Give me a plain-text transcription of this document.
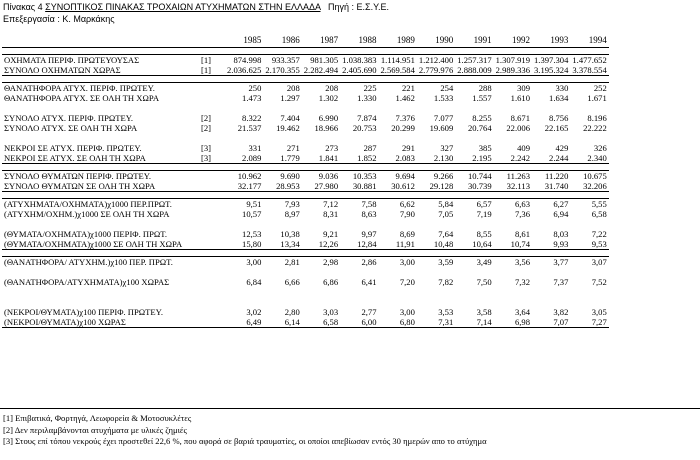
Πίνακας 4 ΣΥΝΟΠΤΙΚΟΣ ΠΙΝΑΚΑΣ ΤΡΟΧΑΙΩΝ ΑΤΥΧΗΜΑΤΩΝ ΣΤΗΝ ΕΛΛΑΔΑ Πηγή : Ε.Σ.Υ.Ε.
Επεξεργασία : Κ. Μαρκάκης
		1985	1986	1987	1988	1989	1990	1991	1992	1993	1994

ΟΧΗΜΑΤΑ ΠΕΡΙΦ. ΠΡΩΤΕΥΟΥΣΑΣ	[1]	874.998	933.357	981.305	1.038.383	1.114.951	1.212.400	1.257.317	1.307.919	1.397.304	1.477.652
ΣΥΝΟΛΟ ΟΧΗΜΑΤΩΝ ΧΩΡΑΣ	[1]	2.036.625	2.170.355	2.282.494	2.405.690	2.569.584	2.779.976	2.888.009	2.989.336	3.195.324	3.378.554

ΘΑΝΑΤΗΦΟΡΑ ΑΤΥΧ. ΠΕΡΙΦ. ΠΡΩΤΕΥ.		250	208	208	225	221	254	288	309	330	252
ΘΑΝΑΤΗΦΟΡΑ ΑΤΥΧ. ΣΕ ΟΛΗ ΤΗ ΧΩΡΑ		1.473	1.297	1.302	1.330	1.462	1.533	1.557	1.610	1.634	1.671

ΣΥΝΟΛΟ ΑΤΥΧ. ΠΕΡΙΦ. ΠΡΩΤΕΥ.	[2]	8.322	7.404	6.990	7.874	7.376	7.077	8.255	8.671	8.756	8.196
ΣΥΝΟΛΟ ΑΤΥΧ. ΣΕ ΟΛΗ ΤΗ ΧΩΡΑ	[2]	21.537	19.462	18.966	20.753	20.299	19.609	20.764	22.006	22.165	22.222

ΝΕΚΡΟΙ ΣΕ ΑΤΥΧ. ΠΕΡΙΦ. ΠΡΩΤΕΥ.	[3]	331	271	273	287	291	327	385	409	429	326
ΝΕΚΡΟΙ ΣΕ ΑΤΥΧ. ΣΕ ΟΛΗ ΤΗ ΧΩΡΑ	[3]	2.089	1.779	1.841	1.852	2.083	2.130	2.195	2.242	2.244	2.340

ΣΥΝΟΛΟ ΘΥΜΑΤΩΝ ΠΕΡΙΦ. ΠΡΩΤΕΥ.		10.962	9.690	9.036	10.353	9.694	9.266	10.744	11.263	11.220	10.675
ΣΥΝΟΛΟ ΘΥΜΑΤΩΝ ΣΕ ΟΛΗ ΤΗ ΧΩΡΑ		32.177	28.953	27.980	30.881	30.612	29.128	30.739	32.113	31.740	32.206

(ΑΤΥΧΗΜΑΤΑ/ΟΧΗΜΑΤΑ)χ1000 ΠΕΡ.ΠΡΩΤ.		9,51	7,93	7,12	7,58	6,62	5,84	6,57	6,63	6,27	5,55
(ΑΤΥΧΗΜ/ΟΧΗΜ.)χ1000 ΣΕ ΟΛΗ ΤΗ ΧΩΡΑ		10,57	8,97	8,31	8,63	7,90	7,05	7,19	7,36	6,94	6,58

(ΘΥΜΑΤΑ/ΟΧΗΜΑΤΑ)χ1000 ΠΕΡΙΦ. ΠΡΩΤ.		12,53	10,38	9,21	9,97	8,69	7,64	8,55	8,61	8,03	7,22
(ΘΥΜΑΤΑ/ΟΧΗΜΑΤΑ)χ1000 ΣΕ ΟΛΗ ΤΗ ΧΩΡΑ		15,80	13,34	12,26	12,84	11,91	10,48	10,64	10,74	9,93	9,53

(ΘΑΝΑΤΗΦΟΡΑ/ ΑΤΥΧΗΜ.)χ100 ΠΕΡ. ΠΡΩΤ.		3,00	2,81	2,98	2,86	3,00	3,59	3,49	3,56	3,77	3,07

(ΘΑΝΑΤΗΦΟΡΑ/ΑΤΥΧΗΜΑΤΑ)χ100 ΧΩΡΑΣ		6,84	6,66	6,86	6,41	7,20	7,82	7,50	7,32	7,37	7,52

(ΝΕΚΡΟΙ/ΘΥΜΑΤΑ)χ100 ΠΕΡΙΦ. ΠΡΩΤΕΥ.		3,02	2,80	3,03	2,77	3,00	3,53	3,58	3,64	3,82	3,05
(ΝΕΚΡΟΙ/ΘΥΜΑΤΑ)χ100 ΧΩΡΑΣ		6,49	6,14	6,58	6,00	6,80	7,31	7,14	6,98	7,07	7,27
[1] Επιβατικά, Φορτηγά, Λεωφορεία & Μοτοσυκλέτες
[2] Δεν περιλαμβάνονται ατυχήματα με υλικές ζημιές
[3] Στους επί τόπου νεκρούς έχει προστεθεί 22,6 %, που αφορά σε βαριά τραυματίες, οι οποίοι απεβίωσαν εντός 30 ημερών απο το ατύχημα
